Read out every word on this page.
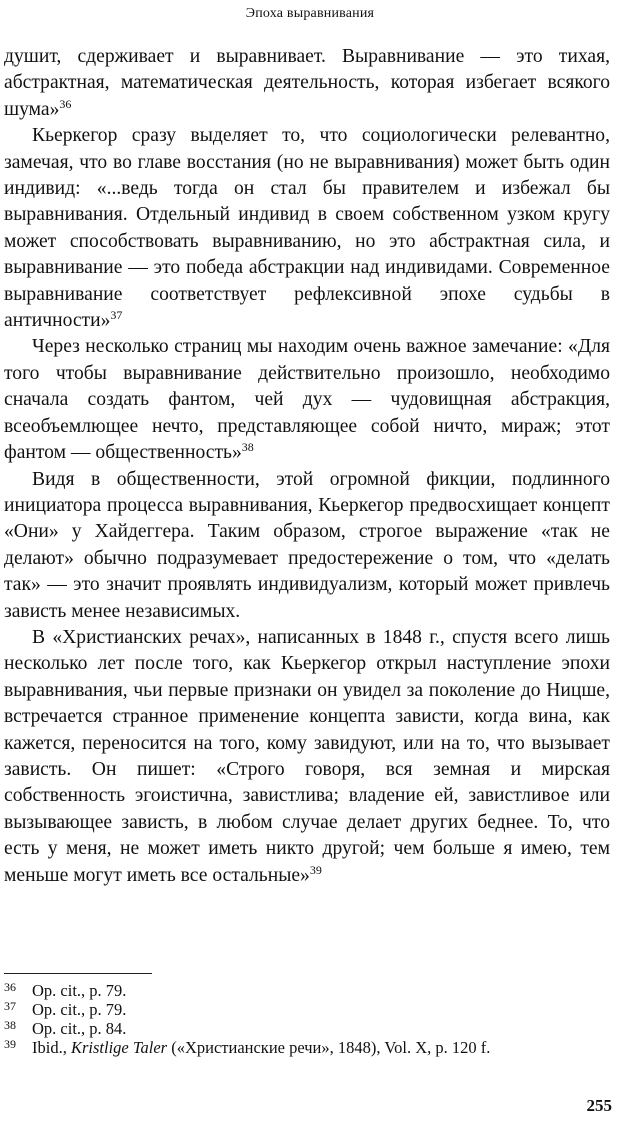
Эпоха выравнивания

душит, сдерживает и выравнивает. Выравнивание — это тихая, абстрактная, математическая деятельность, которая избегает всякого шума»$^{36}$

Кьеркегор сразу выделяет то, что социологически релевантно, замечая, что во главе восстания (но не выравнивания) может быть один индивид: «...ведь тогда он стал бы правителем и избежал бы выравнивания. Отдельный индивид в своем собственном узком кругу может способствовать выравниванию, но это абстрактная сила, и выравнивание — это победа абстракции над индивидами. Современное выравнивание соответствует рефлексивной эпохе судьбы в античности»$^{37}$

Через несколько страниц мы находим очень важное замечание: «Для того чтобы выравнивание действительно произошло, необходимо сначала создать фантом, чей дух — чудовищная абстракция, всеобъемлющее нечто, представляющее собой ничто, мираж; этот фантом — общественность»$^{38}$

Видя в общественности, этой огромной фикции, подлинного инициатора процесса выравнивания, Кьеркегор предвосхищает концепт «Они» у Хайдеггера. Таким образом, строгое выражение «так не делают» обычно подразумевает предостережение о том, что «делать так» — это значит проявлять индивидуализм, который может привлечь зависть менее независимых.

В «Христианских речах», написанных в 1848 г., спустя всего лишь несколько лет после того, как Кьеркегор открыл наступление эпохи выравнивания, чьи первые признаки он увидел за поколение до Ницше, встречается странное применение концепта зависти, когда вина, как кажется, переносится на того, кому завидуют, или на то, что вызывает зависть. Он пишет: «Строго говоря, вся земная и мирская собственность эгоистична, завистлива; владение ей, завистливое или вызывающее зависть, в любом случае делает других беднее. То, что есть у меня, не может иметь никто другой; чем больше я имею, тем меньше могут иметь все остальные»$^{39}$

36 Op. cit., p. 79.
37 Op. cit., p. 79.
38 Op. cit., p. 84.
39 Ibid., Kristlige Taler («Христианские речи», 1848), Vol. X, p. 120 f.
255
